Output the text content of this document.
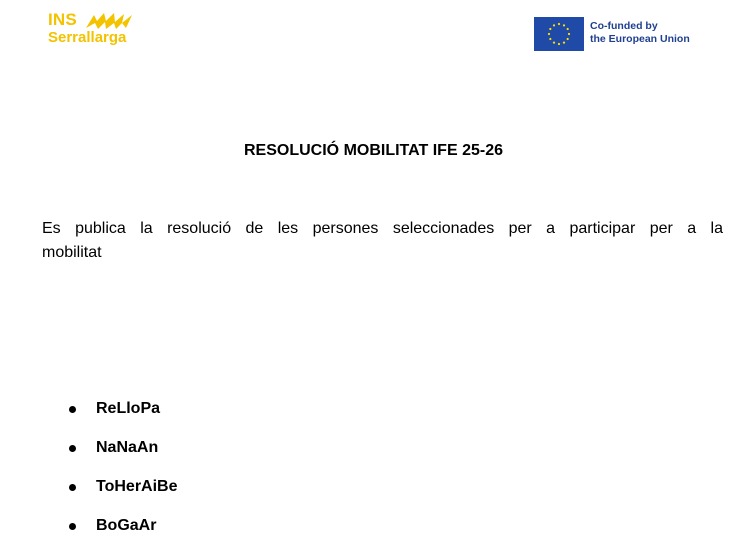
INS
Serrallarga
Co-funded by
the European Union
RESOLUCIÓ MOBILITAT IFE 25-26

Es publica la resolució de les persones seleccionades per a participar per a la
mobilitat

ReLloPa
NaNaAn
ToHerAiBe
BoGaAr
